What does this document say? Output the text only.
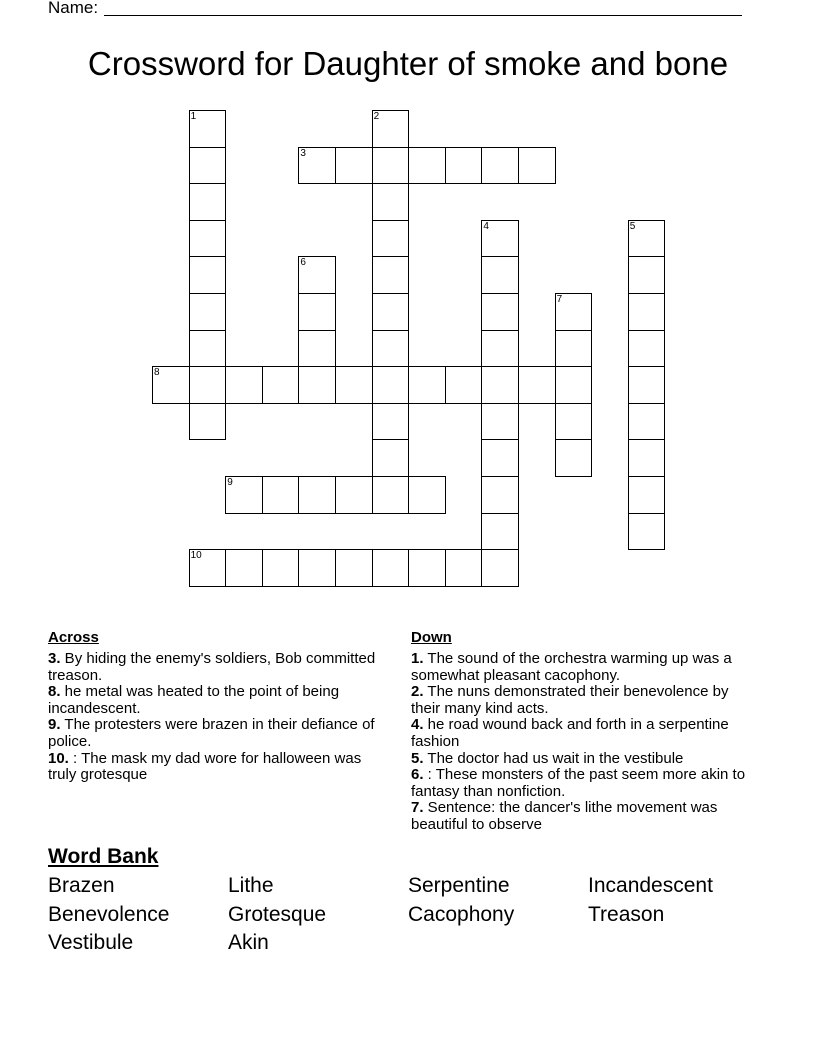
Name:
Crossword for Daughter of smoke and bone
1	2
3
4	5
6
7
8
9
10
Across
3. By hiding the enemy's soldiers, Bob committed treason.
8. he metal was heated to the point of being incandescent.
9. The protesters were brazen in their defiance of police.
10. : The mask my dad wore for halloween was truly grotesque
Down
1. The sound of the orchestra warming up was a somewhat pleasant cacophony.
2. The nuns demonstrated their benevolence by their many kind acts.
4. he road wound back and forth in a serpentine fashion
5. The doctor had us wait in the vestibule
6. : These monsters of the past seem more akin to fantasy than nonfiction.
7. Sentence: the dancer's lithe movement was beautiful to observe
Word Bank
Brazen	Lithe	Serpentine	Incandescent
Benevolence	Grotesque	Cacophony	Treason
Vestibule	Akin
